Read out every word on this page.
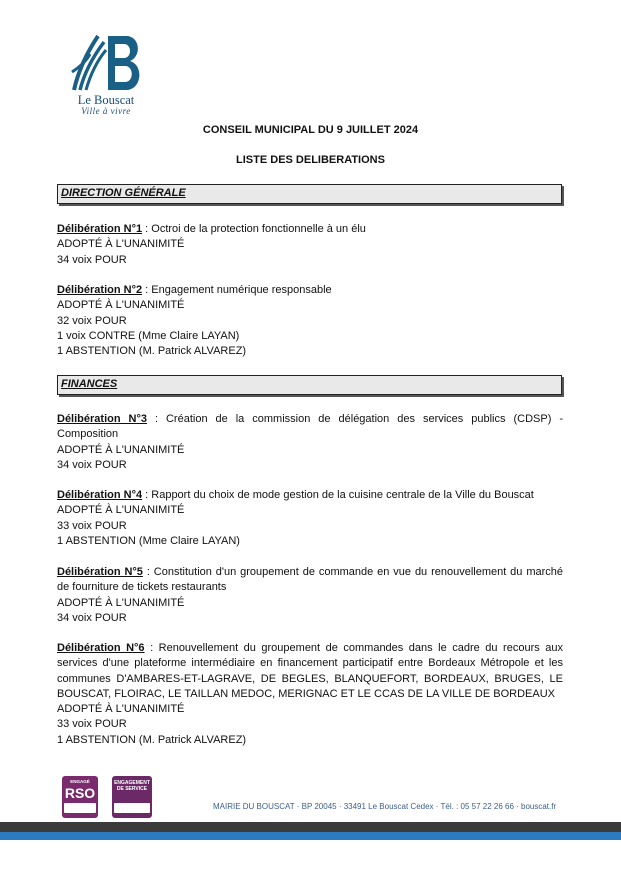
Le Bouscat
Ville à vivre
CONSEIL MUNICIPAL DU 9 JUILLET 2024
LISTE DES DELIBERATIONS
DIRECTION GÉNÉRALE
Délibération N°1 : Octroi de la protection fonctionnelle à un élu
ADOPTÉ À L'UNANIMITÉ
34 voix POUR
Délibération N°2 : Engagement numérique responsable
ADOPTÉ À L'UNANIMITÉ
32 voix POUR
1 voix CONTRE (Mme Claire LAYAN)
1 ABSTENTION (M. Patrick ALVAREZ)
FINANCES
Délibération N°3 : Création de la commission de délégation des services publics (CDSP) - Composition
ADOPTÉ À L'UNANIMITÉ
34 voix POUR
Délibération N°4 : Rapport du choix de mode gestion de la cuisine centrale de la Ville du Bouscat
ADOPTÉ À L'UNANIMITÉ
33 voix POUR
1 ABSTENTION (Mme Claire LAYAN)
Délibération N°5 : Constitution d'un groupement de commande en vue du renouvellement du marché de fourniture de tickets restaurants
ADOPTÉ À L'UNANIMITÉ
34 voix POUR
Délibération N°6 : Renouvellement du groupement de commandes dans le cadre du recours aux services d'une plateforme intermédiaire en financement participatif entre Bordeaux Métropole et les communes D'AMBARES-ET-LAGRAVE, DE BEGLES, BLANQUEFORT, BORDEAUX, BRUGES, LE BOUSCAT, FLOIRAC, LE TAILLAN MEDOC, MERIGNAC ET LE CCAS DE LA VILLE DE BORDEAUX
ADOPTÉ À L'UNANIMITÉ
33 voix POUR
1 ABSTENTION (M. Patrick ALVAREZ)
ENGAGÉ
RSO
ENGAGEMENT DE SERVICE
MAIRIE DU BOUSCAT · BP 20045 · 33491 Le Bouscat Cedex · Tél. : 05 57 22 26 66 · bouscat.fr
